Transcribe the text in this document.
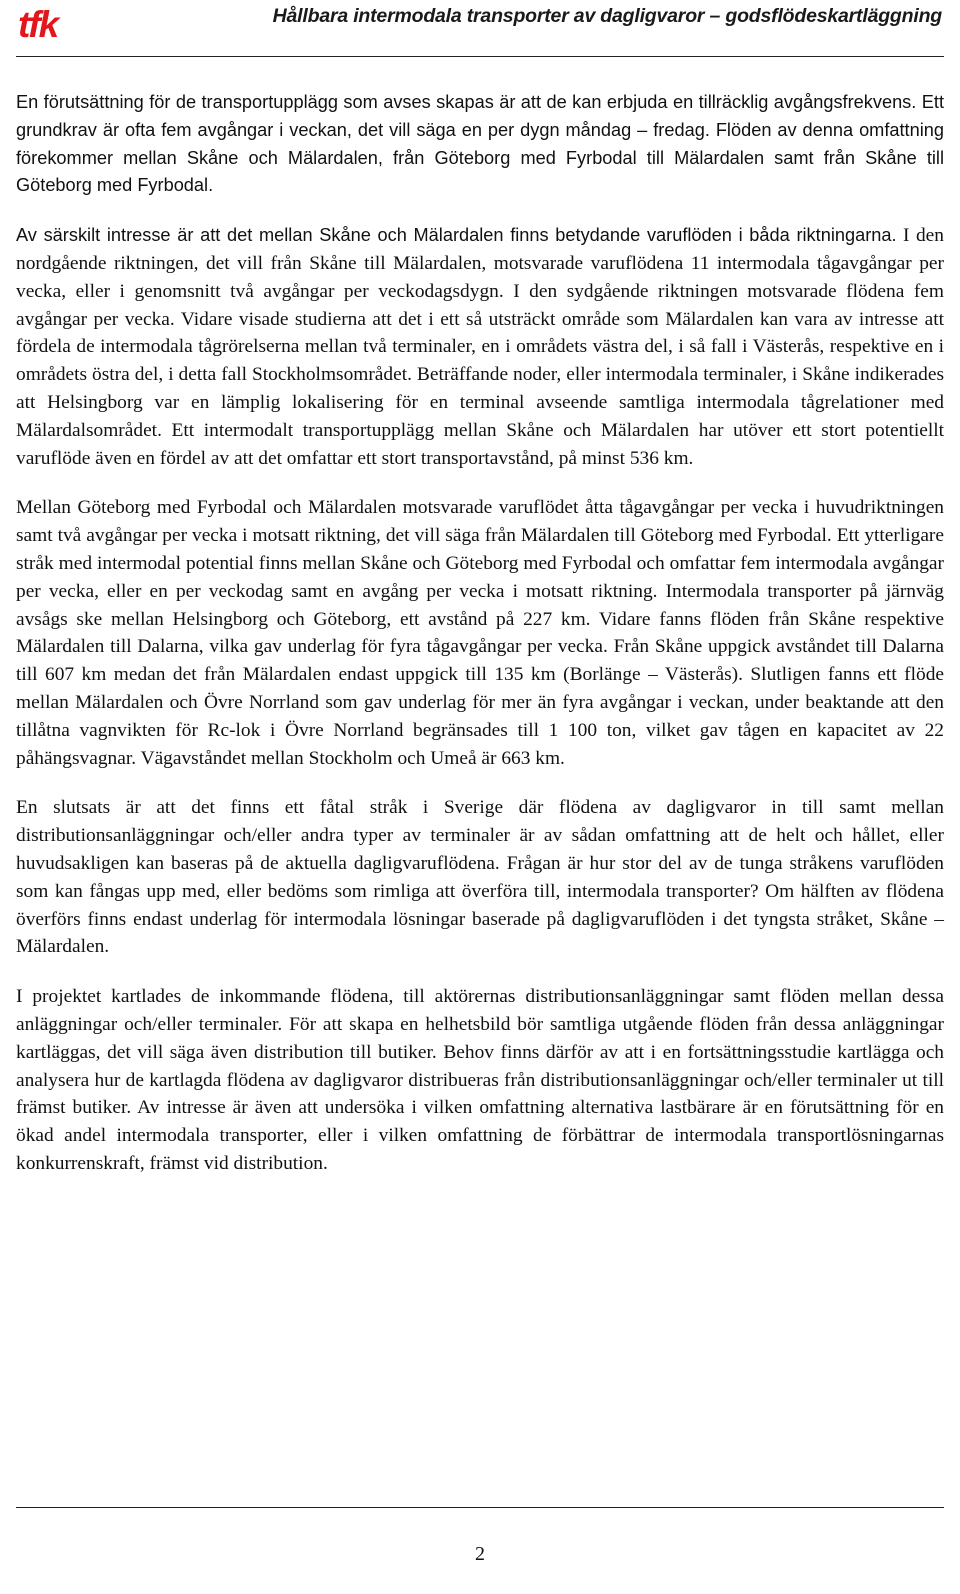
tfk	Hållbara intermodala transporter av dagligvaror – godsflödeskartläggning

En förutsättning för de transportupplägg som avses skapas är att de kan erbjuda en tillräcklig avgångsfrekvens. Ett grundkrav är ofta fem avgångar i veckan, det vill säga en per dygn måndag – fredag. Flöden av denna omfattning förekommer mellan Skåne och Mälardalen, från Göteborg med Fyrbodal till Mälardalen samt från Skåne till Göteborg med Fyrbodal.

Av särskilt intresse är att det mellan Skåne och Mälardalen finns betydande varuflöden i båda riktningarna. I den nordgående riktningen, det vill från Skåne till Mälardalen, motsvarade varuflödena 11 intermodala tågavgångar per vecka, eller i genomsnitt två avgångar per veckodagsdygn. I den sydgående riktningen motsvarade flödena fem avgångar per vecka. Vidare visade studierna att det i ett så utsträckt område som Mälardalen kan vara av intresse att fördela de intermodala tågrörelserna mellan två terminaler, en i områdets västra del, i så fall i Västerås, respektive en i områdets östra del, i detta fall Stockholmsområdet. Beträffande noder, eller intermodala terminaler, i Skåne indikerades att Helsingborg var en lämplig lokalisering för en terminal avseende samtliga intermodala tågrelationer med Mälardalsområdet. Ett intermodalt transportupplägg mellan Skåne och Mälardalen har utöver ett stort potentiellt varuflöde även en fördel av att det omfattar ett stort transportavstånd, på minst 536 km.

Mellan Göteborg med Fyrbodal och Mälardalen motsvarade varuflödet åtta tågavgångar per vecka i huvudriktningen samt två avgångar per vecka i motsatt riktning, det vill säga från Mälardalen till Göteborg med Fyrbodal. Ett ytterligare stråk med intermodal potential finns mellan Skåne och Göteborg med Fyrbodal och omfattar fem intermodala avgångar per vecka, eller en per veckodag samt en avgång per vecka i motsatt riktning. Intermodala transporter på järnväg avsågs ske mellan Helsingborg och Göteborg, ett avstånd på 227 km. Vidare fanns flöden från Skåne respektive Mälardalen till Dalarna, vilka gav underlag för fyra tågavgångar per vecka. Från Skåne uppgick avståndet till Dalarna till 607 km medan det från Mälardalen endast uppgick till 135 km (Borlänge – Västerås). Slutligen fanns ett flöde mellan Mälardalen och Övre Norrland som gav underlag för mer än fyra avgångar i veckan, under beaktande att den tillåtna vagnvikten för Rc-lok i Övre Norrland begränsades till 1 100 ton, vilket gav tågen en kapacitet av 22 påhängsvagnar. Vägavståndet mellan Stockholm och Umeå är 663 km.

En slutsats är att det finns ett fåtal stråk i Sverige där flödena av dagligvaror in till samt mellan distributionsanläggningar och/eller andra typer av terminaler är av sådan omfattning att de helt och hållet, eller huvudsakligen kan baseras på de aktuella dagligvaruflödena. Frågan är hur stor del av de tunga stråkens varuflöden som kan fångas upp med, eller bedöms som rimliga att överföra till, intermodala transporter? Om hälften av flödena överförs finns endast underlag för intermodala lösningar baserade på dagligvaruflöden i det tyngsta stråket, Skåne – Mälardalen.

I projektet kartlades de inkommande flödena, till aktörernas distributionsanläggningar samt flöden mellan dessa anläggningar och/eller terminaler. För att skapa en helhetsbild bör samtliga utgående flöden från dessa anläggningar kartläggas, det vill säga även distribution till butiker. Behov finns därför av att i en fortsättningsstudie kartlägga och analysera hur de kartlagda flödena av dagligvaror distribueras från distributionsanläggningar och/eller terminaler ut till främst butiker. Av intresse är även att undersöka i vilken omfattning alternativa lastbärare är en förutsättning för en ökad andel intermodala transporter, eller i vilken omfattning de förbättrar de intermodala transportlösningarnas konkurrenskraft, främst vid distribution.

2
